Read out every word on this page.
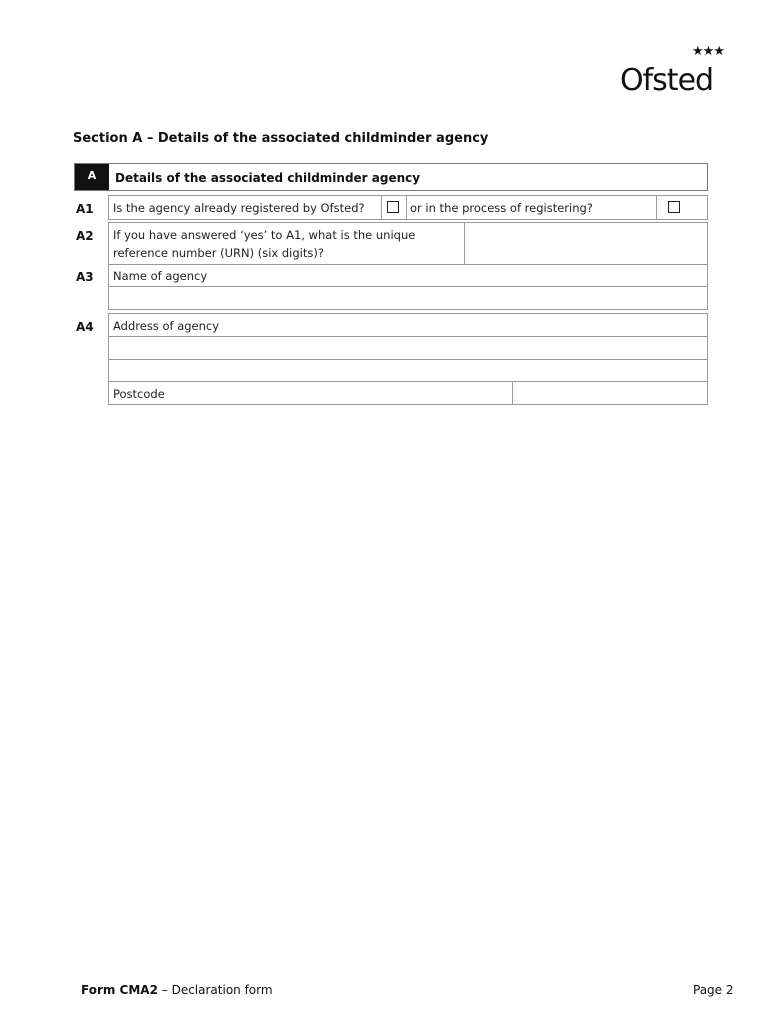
★★★
Ofsted
Section A – Details of the associated childminder agency
A	Details of the associated childminder agency
A1 Is the agency already registered by Ofsted?	or in the process of registering?
A2 If you have answered ‘yes’ to A1, what is the unique
reference number (URN) (six digits)?
A3 Name of agency
A4 Address of agency
Postcode
Form CMA2 – Declaration form	Page 2
